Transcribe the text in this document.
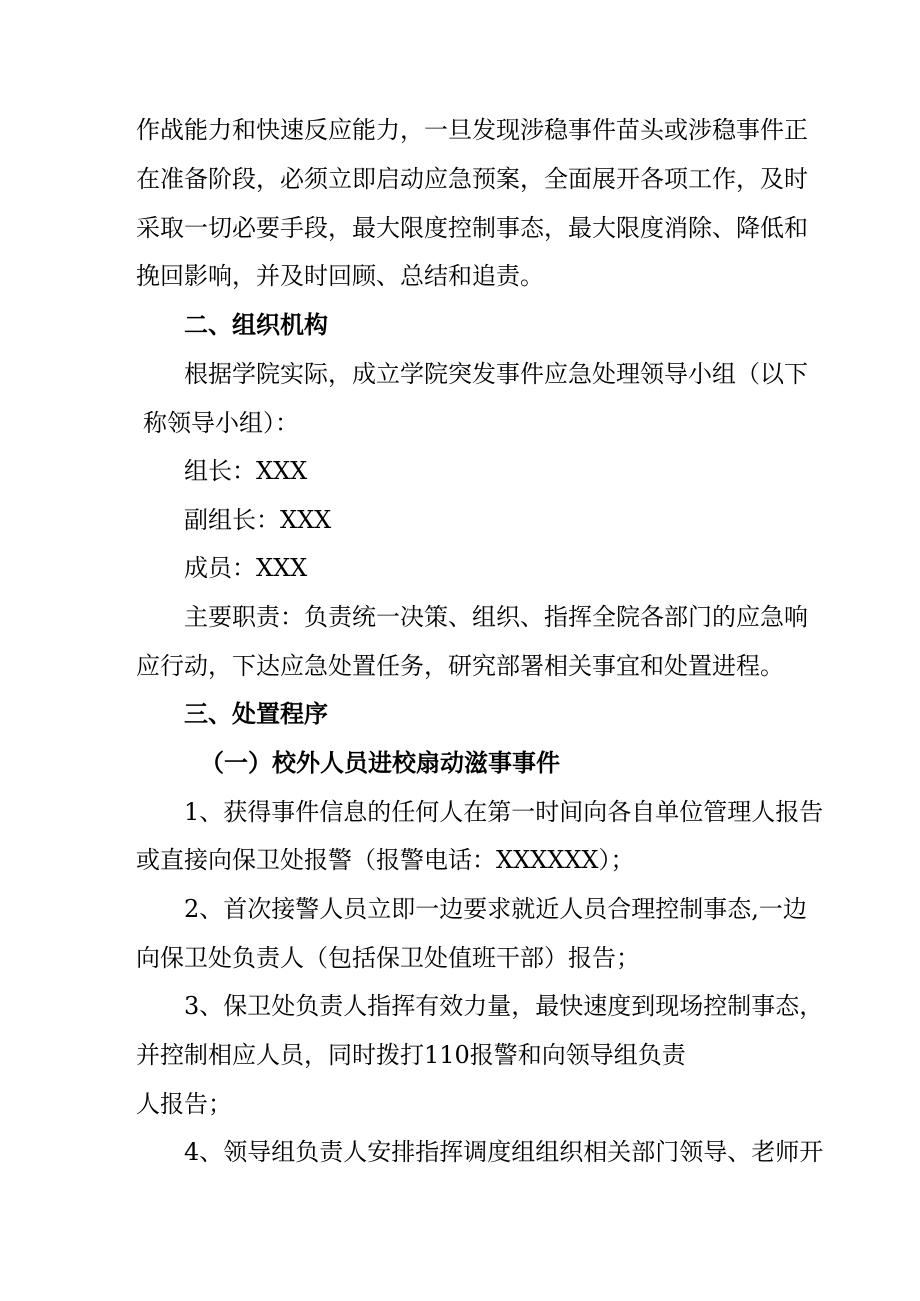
作战能力和快速反应能力，一旦发现涉稳事件苗头或涉稳事件正
在准备阶段，必须立即启动应急预案，全面展开各项工作，及时
采取一切必要手段，最大限度控制事态，最大限度消除、降低和
挽回影响，并及时回顾、总结和追责。
二、组织机构
根据学院实际，成立学院突发事件应急处理领导小组（以下
称领导小组）：
组长：XXX
副组长：XXX
成员：XXX
主要职责：负责统一决策、组织、指挥全院各部门的应急响
应行动，下达应急处置任务，研究部署相关事宜和处置进程。
三、处置程序
（一）校外人员进校扇动滋事事件
1、获得事件信息的任何人在第一时间向各自单位管理人报告
或直接向保卫处报警（报警电话：XXXXXX）；
2、首次接警人员立即一边要求就近人员合理控制事态,一边
向保卫处负责人（包括保卫处值班干部）报告；
3、保卫处负责人指挥有效力量，最快速度到现场控制事态，
并控制相应人员，同时拨打110报警和向领导组负责
人报告；
4、领导组负责人安排指挥调度组组织相关部门领导、老师开
